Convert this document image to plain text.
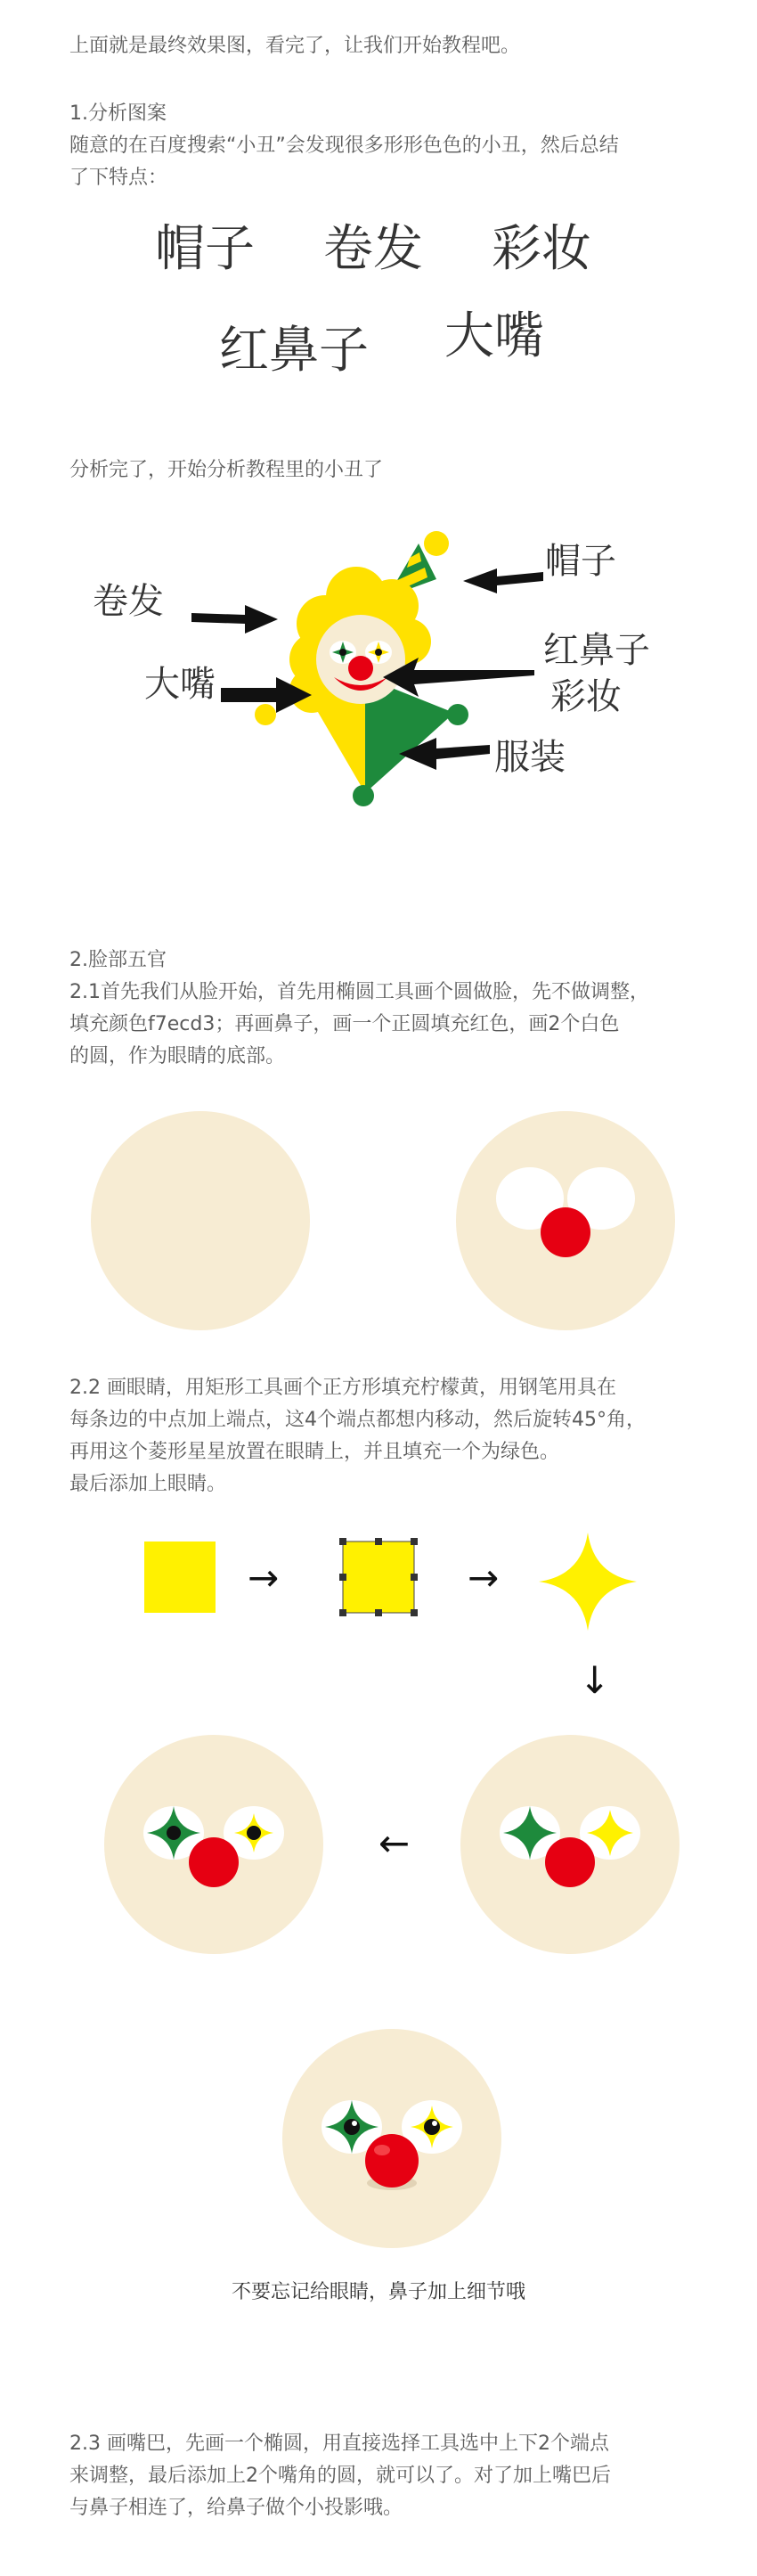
上面就是最终效果图，看完了，让我们开始教程吧。

1.分析图案
随意的在百度搜索“小丑”会发现很多形形色色的小丑，然后总结
了下特点：
帽子 卷发 彩妆
红鼻子 大嘴

分析完了，开始分析教程里的小丑了

帽子
卷发
红鼻子
大嘴	彩妆
服装
2.脸部五官
2.1首先我们从脸开始，首先用椭圆工具画个圆做脸，先不做调整，
填充颜色f7ecd3；再画鼻子，画一个正圆填充红色，画2个白色
的圆，作为眼睛的底部。
2.2 画眼睛，用矩形工具画个正方形填充柠檬黄，用钢笔用具在
每条边的中点加上端点，这4个端点都想内移动，然后旋转45°角，
再用这个菱形星星放置在眼睛上，并且填充一个为绿色。
最后添加上眼睛。
→	→
↓
←
不要忘记给眼睛，鼻子加上细节哦
2.3 画嘴巴，先画一个椭圆，用直接选择工具选中上下2个端点
来调整，最后添加上2个嘴角的圆，就可以了。对了加上嘴巴后
与鼻子相连了，给鼻子做个小投影哦。
